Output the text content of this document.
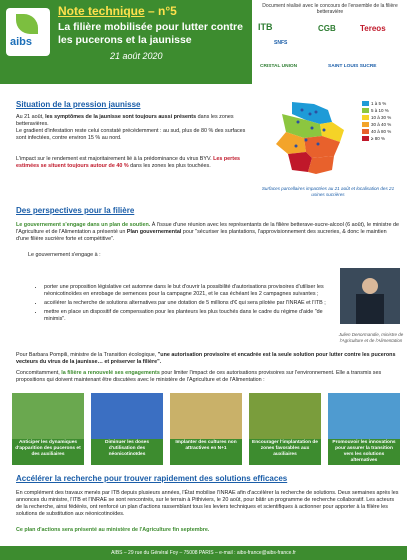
aibs
Note technique – n°5
La filière mobilisée pour lutter contre les pucerons et la jaunisse
21 août 2020
Document réalisé avec le concours de l'ensemble de la filière betteravière
ITB
SNFS
CGB	Tereos
CRISTAL UNION	SAINT LOUIS SUCRE
Situation de la pression jaunisse
Au 21 août, les symptômes de la jaunisse sont toujours aussi présents dans les zones betteravières.
Le gradient d'infestation reste celui constaté précédemment : au sud, plus de 80 % des surfaces sont infectées, contre environ 15 % au nord.
L'impact sur le rendement est majoritairement lié à la prédominance du virus BYV. Les pertes estimées se situent toujours autour de 40 % dans les zones les plus touchées.
1 à 5 %
5 à 10 %
10 à 30 %
30 à 40 %
40 à 80 %
≥ 80 %
Surfaces parcellaires impactées au 21 août et localisation des 21 usines sucrières
Des perspectives pour la filière
Le gouvernement s'engage dans un plan de soutien. À l'issue d'une réunion avec les représentants de la filière betterave-sucre-alcool (6 août), le ministre de l'Agriculture et de l'Alimentation a présenté un Plan gouvernemental pour "sécuriser les plantations, l'approvisionnement des sucreries, & donc le maintien d'une filière sucrière forte et compétitive".
Le gouvernement s'engage à :
• porter une proposition législative cet automne dans le but d'ouvrir la possibilité d'autorisations provisoires d'utiliser les néonicotinoïdes en enrobage de semences pour la campagne 2021, et le cas échéant les 2 campagnes suivantes ;
• accélérer la recherche de solutions alternatives par une dotation de 5 millions d'€ qui sera pilotée par l'INRAE et l'ITB ;
• mettre en place un dispositif de compensation pour les planteurs les plus touchés dans le cadre du régime d'aide "de minimis".
Julien Denormandie, ministre de l'Agriculture et de l'Alimentation
Pour Barbara Pompili, ministre de la Transition écologique, "une autorisation provisoire et encadrée est la seule solution pour lutter contre les pucerons vecteurs du virus de la jaunisse… et préserver la filière".
Concomitamment, la filière a renouvelé ses engagements pour limiter l'impact de ces autorisations provisoires sur l'environnement. Elle a transmis ses propositions qui doivent maintenant être discutées avec le ministère de l'Agriculture et de l'Alimentation :
Anticiper les dynamiques d'apparition des pucerons et des auxiliaires
Diminuer les doses d'utilisation des néonicotinoïdes
Implanter des cultures non attractives en N+1
Encourager l'implantation de zones favorables aux auxiliaires
Promouvoir les innovations pour assurer la transition vers les solutions alternatives
Accélérer la recherche pour trouver rapidement des solutions efficaces
En complément des travaux menés par ITB depuis plusieurs années, l'État mobilise l'INRAE afin d'accélérer la recherche de solutions. Deux semaines après les annonces du ministre, l'ITB et l'INRAE se sont rencontrés, sur le terrain à Pithiviers, le 20 août, pour bâtir un programme de recherche collaboratif. Les acteurs de la recherche, ainsi fédérés, ont renforcé un plan d'actions rassemblant tous les leviers techniques et scientifiques à actionner pour apporter à la filière les solutions de substitution aux néonicotinoïdes.
Ce plan d'actions sera présenté au ministère de l'Agriculture fin septembre.
AIBS – 29 rue du Général Foy – 75008 PARIS – e-mail : aibs-france@aibs-france.fr
